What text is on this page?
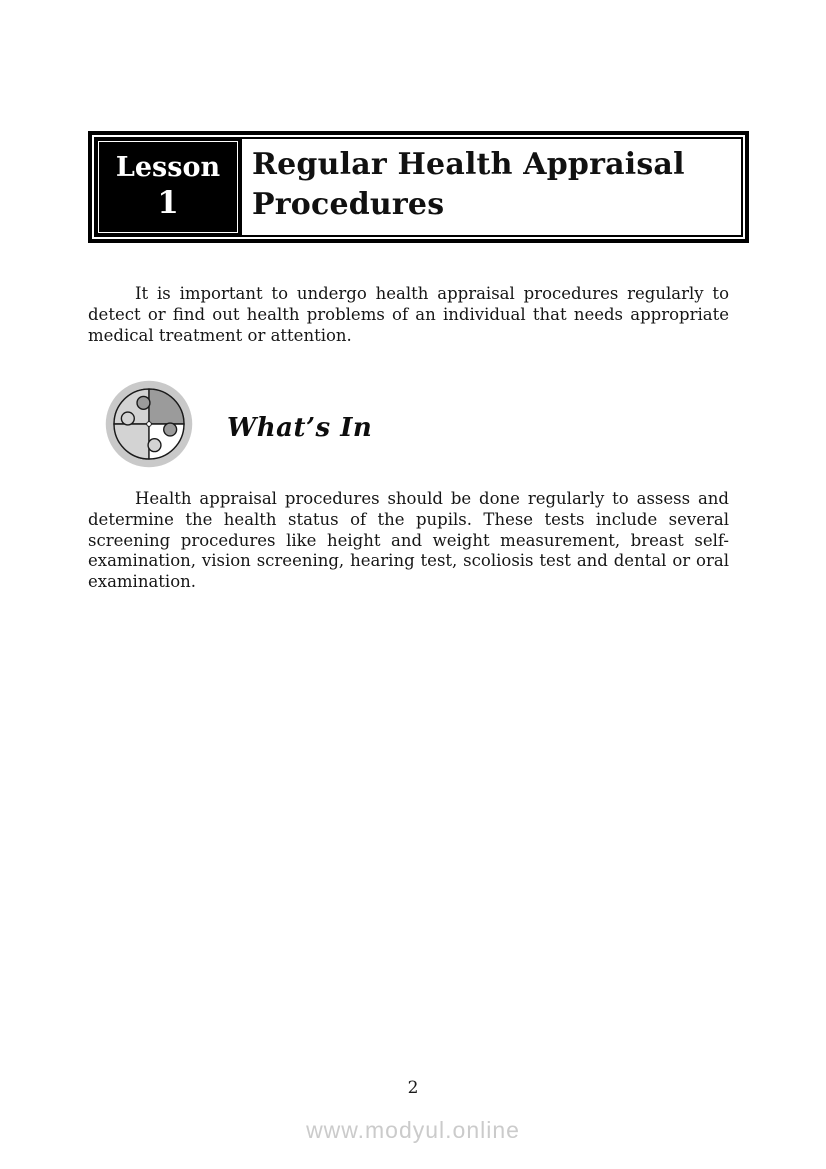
Lesson
1
Regular Health Appraisal Procedures

It is important to undergo health appraisal procedures regularly to detect or find out health problems of an individual that needs appropriate medical treatment or attention.

What’s In

Health appraisal procedures should be done regularly to assess and determine the health status of the pupils. These tests include several screening procedures like height and weight measurement, breast self-examination, vision screening, hearing test, scoliosis test and dental or oral examination.

2
www.modyul.online
